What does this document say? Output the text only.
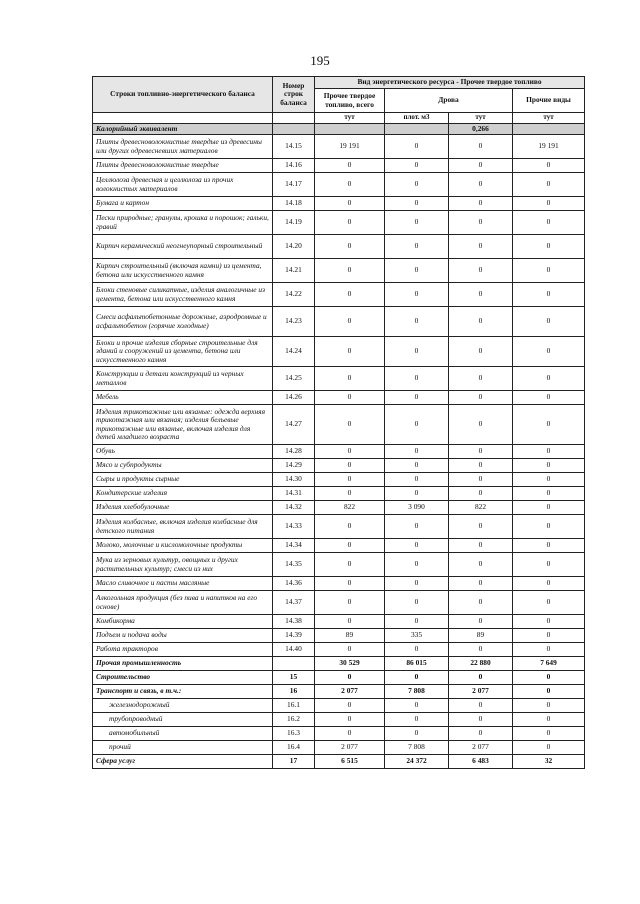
195
Строки топливно-энергетического баланса	Номер строк баланса	Вид энергетического ресурса - Прочее твердое топливо			
		Прочее твердое топливо, всего	Дрова		Прочие виды
		тут	плот. м3	тут	тут
Калорийный эквивалент				0,266	
Плиты древесноволокнистые твердые из древесины или других одревесневших материалов	14.15	19 191	0	0	19 191
Плиты древесноволокнистые твердые	14.16	0	0	0	0
Целлюлоза древесная и целлюлоза из прочих волокнистых материалов	14.17	0	0	0	0
Бумага и картон	14.18	0	0	0	0
Пески природные; гранулы, крошка и порошок; гальки, гравий	14.19	0	0	0	0
Кирпич керамический неогнеупорный строительный	14.20	0	0	0	0
Кирпич строительный (включая камни) из цемента, бетона или искусственного камня	14.21	0	0	0	0
Блоки стеновые силикатные, изделия аналогичные из цемента, бетона или искусственного камня	14.22	0	0	0	0
Смеси асфальтобетонные дорожные, аэродромные и асфальтобетон (горячие холодные)	14.23	0	0	0	0
Блоки и прочие изделия сборные строительные для зданий и сооружений из цемента, бетона или искусственного камня	14.24	0	0	0	0
Конструкции и детали конструкций из черных металлов	14.25	0	0	0	0
Мебель	14.26	0	0	0	0
Изделия трикотажные или вязаные: одежда верхняя трикотажная или вязаная; изделия бельевые трикотажные или вязаные, включая изделия для детей младшего возраста	14.27	0	0	0	0
Обувь	14.28	0	0	0	0
Мясо и субпродукты	14.29	0	0	0	0
Сыры и продукты сырные	14.30	0	0	0	0
Кондитерские изделия	14.31	0	0	0	0
Изделия хлебобулочные	14.32	822	3 090	822	0
Изделия колбасные, включая изделия колбасные для детского питания	14.33	0	0	0	0
Молоко, молочные и кисломолочные продукты	14.34	0	0	0	0
Мука из зерновых культур, овощных и других растительных культур; смеси из них	14.35	0	0	0	0
Масло сливочное и пасты масляные	14.36	0	0	0	0
Алкогольная продукция (без пива и напитков на его основе)	14.37	0	0	0	0
Комбикорма	14.38	0	0	0	0
Подъем и подача воды	14.39	89	335	89	0
Работа тракторов	14.40	0	0	0	0
Прочая промышленность		30 529	86 015	22 880	7 649
Строительство	15	0	0	0	0
Транспорт и связь, в т.ч.:	16	2 077	7 808	2 077	0
железнодорожный	16.1	0	0	0	0
трубопроводный	16.2	0	0	0	0
автомобильный	16.3	0	0	0	0
прочий	16.4	2 077	7 808	2 077	0
Сфера услуг	17	6 515	24 372	6 483	32
